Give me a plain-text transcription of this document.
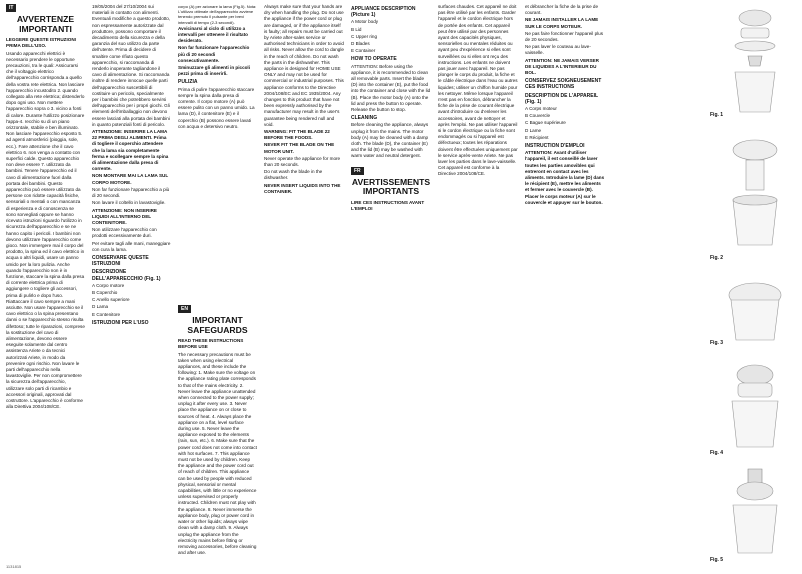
IT
AVVERTENZE IMPORTANTI

LEGGERE QUESTE ISTRUZIONI PRIMA DELL'USO.

Usando apparecchi elettrici è necessario prendere le opportune precauzioni, tra le quali: Assicurarsi che il voltaggio elettrico dell'apparecchio corrisponda a quello della vostra rete elettrica. Non lasciare l'apparecchio incustodito 2. quando collegato alla rete elettrica; distenderlo dopo ogni uso. Non mettere l'apparecchio sopra o 3. vicino a fonti di calore. Durante l'utilizzo posizionare l'appa-4. recchio su di un piano orizzontale, stabile e ben illuminato. Non lasciare l'apparecchio esposto 5. ad agenti atmosferici (pioggia, sole, ecc.). Fare attenzione che il cavo elettrico 6. non venga a contatto con superfici calde. Questo apparecchio non deve essere 7. utilizzato da bambini. Tenere l'apparecchio ed il cavo di alimentazione fuori dalla portata dei bambini. Questo apparecchio può essere utilizzato da persone con ridotte capacità fisiche, sensoriali o mentali o con mancanza di esperienza e di conoscenza se sono sorvegliati oppure se hanno ricevuto istruzioni riguardo l'utilizzo in sicurezza dell'apparecchio e se ne hanno capito i pericoli. I bambini non devono utilizzare l'apparecchio come gioco. Non immergere mai il corpo del prodotto, la spina ed il cavo elettrico in acqua o altri liquidi, usare un panno umido per la loro pulizia. Anche quando l'apparecchio non è in funzione, staccare la spina dalla presa di corrente elettrica prima di aggiungere o togliere gli accessori, prima di pulirlo e dopo l'uso. Riattaccare il cavo sempre a mani asciutte. Non usare l'apparecchio se il cavo elettrico o la spina presentano danni o se l'apparecchio stesso risulta difettoso; tutte le riparazioni, comprese la sostituzione del cavo di alimentazione, devono essere eseguite solamente dal centro assistenza Ariete o da tecnici autorizzati Ariete, in modo da prevenire ogni rischio. Non lavare le parti dell'apparecchio nella lavastoviglie. Per non compromettere la sicurezza dell'apparecchio, utilizzare solo parti di ricambio e accessori originali, approvati dal costruttore. L'apparecchio è conforme alla Direttiva 2004/108/CE.

19/05/2004 del 27/10/2004 sui materiali in contatto con alimenti. Eventuali modifiche a questo prodotto, non espressamente autorizzate dal produttore, possono comportare il decadimento della sicurezza e della garanzia del suo utilizzo da parte dell'utente. Prima di decidere di smaltire come rifiuto questo apparecchio, si raccomanda di renderlo inoperante tagliandone il cavo di alimentazione. Si raccomanda inoltre di rendere innocue quelle parti dell'apparecchio suscettibili di costituire un pericolo, specialmente per i bambini che potrebbero servirsi dell'apparecchio per i propri giochi. Gli elementi dell'imballaggio non devono essere lasciati alla portata dei bambini in quanto potenziali fonti di pericolo.

ATTENZIONE: INSERIRE LA LAMA 22 PRIMA DEGLI ALIMENTI. Prima di togliere il coperchio attendere che la lama sia completamente ferma e scollegare sempre la spina di alimentazione dalla presa di corrente.

NON MONTARE MAI LA LAMA SUL CORPO MOTORE.

Non far funzionare l'apparecchio a più di 20 secondi.

Non lavare il coltello in lavastoviglie.

ATTENZIONE: NON INSERIRE LIQUIDI ALL'INTERNO DEL CONTENITORE.

Non utilizzare l'apparecchio con prodotti eccessivamente duri.

Per evitare tagli alle mani, maneggiare con cura la lama.

CONSERVARE QUESTE ISTRUZIONI
DESCRIZIONE DELL'APPARECCHIO (Fig. 1)

A Corpo motore

B Coperchio

C Anello superiore

D Lama

E Contenitore

ISTRUZIONI PER L'USO

corpo (A) per azionare la lama (Fig.5). Nota: L'utilizzo ottimale dell'apparecchio avviene tenendo premuto il pulsante per brevi intervalli di tempo (2-3 secondi).

Avvicinarsi al ciclo di utilizzo a intervalli per ottenere il risultato desiderato.

Non far funzionare l'apparecchio più di 20 secondi consecutivamente.

Sminuzzare gli alimenti in piccoli pezzi prima di inserirli.

PULIZIA

Prima di pulire l'apparecchio staccare sempre la spina dalla presa di corrente. Il corpo motore (A) può essere pulito con un panno umido. La lama (D), il contenitore (E) e il coperchio (B) possono essere lavati con acqua e detersivo neutro.

EN
IMPORTANT SAFEGUARDS

READ THESE INSTRUCTIONS BEFORE USE

The necessary precautions must be taken when using electrical appliances, and these include the following: 1. Make sure the voltage on the appliance rating plate corresponds to that of the mains electricity. 2. Never leave the appliance unattended when connected to the power supply; unplug it after every use. 3. Never place the appliance on or close to sources of heat. 4. Always place the appliance on a flat, level surface during use. 5. Never leave the appliance exposed to the elements (rain, sun, etc.). 6. Make sure that the power cord does not come into contact with hot surfaces. 7. This appliance must not be used by children. Keep the appliance and the power cord out of reach of children. This appliance can be used by people with reduced physical, sensorial or mental capabilities, with little or no experience unless supervised or properly instructed. Children must not play with the appliance. 8. Never immerse the appliance body, plug or power cord in water or other liquids; always wipe clean with a damp cloth. 9. Always unplug the appliance from the electricity mains before fitting or removing accessories, before cleaning and after use.

Always make sure that your hands are dry when handling the plug. Do not use the appliance if the power cord or plug are damaged, or if the appliance itself is faulty; all repairs must be carried out by Ariete after-sales service or authorised technicians in order to avoid all risks. Never allow the cord to dangle in the reach of children. Do not wash the parts in the dishwasher. This appliance is designed for HOME USE ONLY and may not be used for commercial or industrial purposes. This appliance conforms to the Directive 2004/108/EC and EC 1935/2004. Any changes to this product that have not been expressly authorised by the manufacturer may result in the user's guarantee being rendered null and void.

WARNING: FIT THE BLADE 22 BEFORE THE FOODS.

NEVER FIT THE BLADE ON THE MOTOR UNIT.

Never operate the appliance for more than 20 seconds.

Do not wash the blade in the dishwasher.

NEVER INSERT LIQUIDS INTO THE CONTAINER.

APPLIANCE DESCRIPTION (Picture 1)

A Motor body

B Lid

C Upper ring

D Blades

E Container

HOW TO OPERATE

ATTENTION: Before using the appliance, it is recommended to clean all removable parts. Insert the blade (D) into the container (E), put the food into the container and close with the lid (B). Place the motor body (A) onto the lid and press the button to operate. Release the button to stop.

CLEANING

Before cleaning the appliance, always unplug it from the mains. The motor body (A) may be cleaned with a damp cloth. The blade (D), the container (E) and the lid (B) may be washed with warm water and neutral detergent.

FR
AVERTISSEMENTS IMPORTANTS

LIRE CES INSTRUCTIONS AVANT L'EMPLOI

surfaces chaudes. Cet appareil ne doit pas être utilisé par les enfants. Garder l'appareil et le cordon électrique hors de portée des enfants. Cet appareil peut être utilisé par des personnes ayant des capacités physiques, sensorielles ou mentales réduites ou ayant peu d'expérience si elles sont surveillées ou si elles ont reçu des instructions. Les enfants ne doivent pas jouer avec l'appareil. Ne pas plonger le corps du produit, la fiche et le câble électrique dans l'eau ou autres liquides; utiliser un chiffon humide pour les nettoyer. Même lorsque l'appareil n'est pas en fonction, débrancher la fiche de la prise de courant électrique avant d'introduire ou d'enlever les accessoires, avant de nettoyer et après l'emploi. Ne pas utiliser l'appareil si le cordon électrique ou la fiche sont endommagés ou si l'appareil est défectueux; toutes les réparations doivent être effectuées uniquement par le service après-vente Ariete. Ne pas laver les parties dans le lave-vaisselle. Cet appareil est conforme à la Directive 2004/108/CE.

et débrancher la fiche de la prise de courant.

NE JAMAIS INSTALLER LA LAME SUR LE CORPS MOTEUR.

Ne pas faire fonctionner l'appareil plus de 20 secondes.

Ne pas laver le couteau au lave-vaisselle.

ATTENTION: NE JAMAIS VERSER DE LIQUIDES A L'INTERIEUR DU BOL.

CONSERVEZ SOIGNEUSEMENT CES INSTRUCTIONS
DESCRIPTION DE L'APPAREIL (Fig. 1)

A Corps moteur

B Couvercle

C Bague supérieure

D Lame

E Récipient

INSTRUCTION D'EMPLOI

ATTENTION: Avant d'utiliser l'appareil, il est conseillé de laver toutes les parties amovibles qui entreront en contact avec les aliments. Introduire la lame (D) dans le récipient (E), mettre les aliments et fermer avec le couvercle (B). Placer le corps moteur (A) sur le couvercle et appuyer sur le bouton.

Fig. 1
Fig. 2
Fig. 3
Fig. 4
Fig. 5
1131815
